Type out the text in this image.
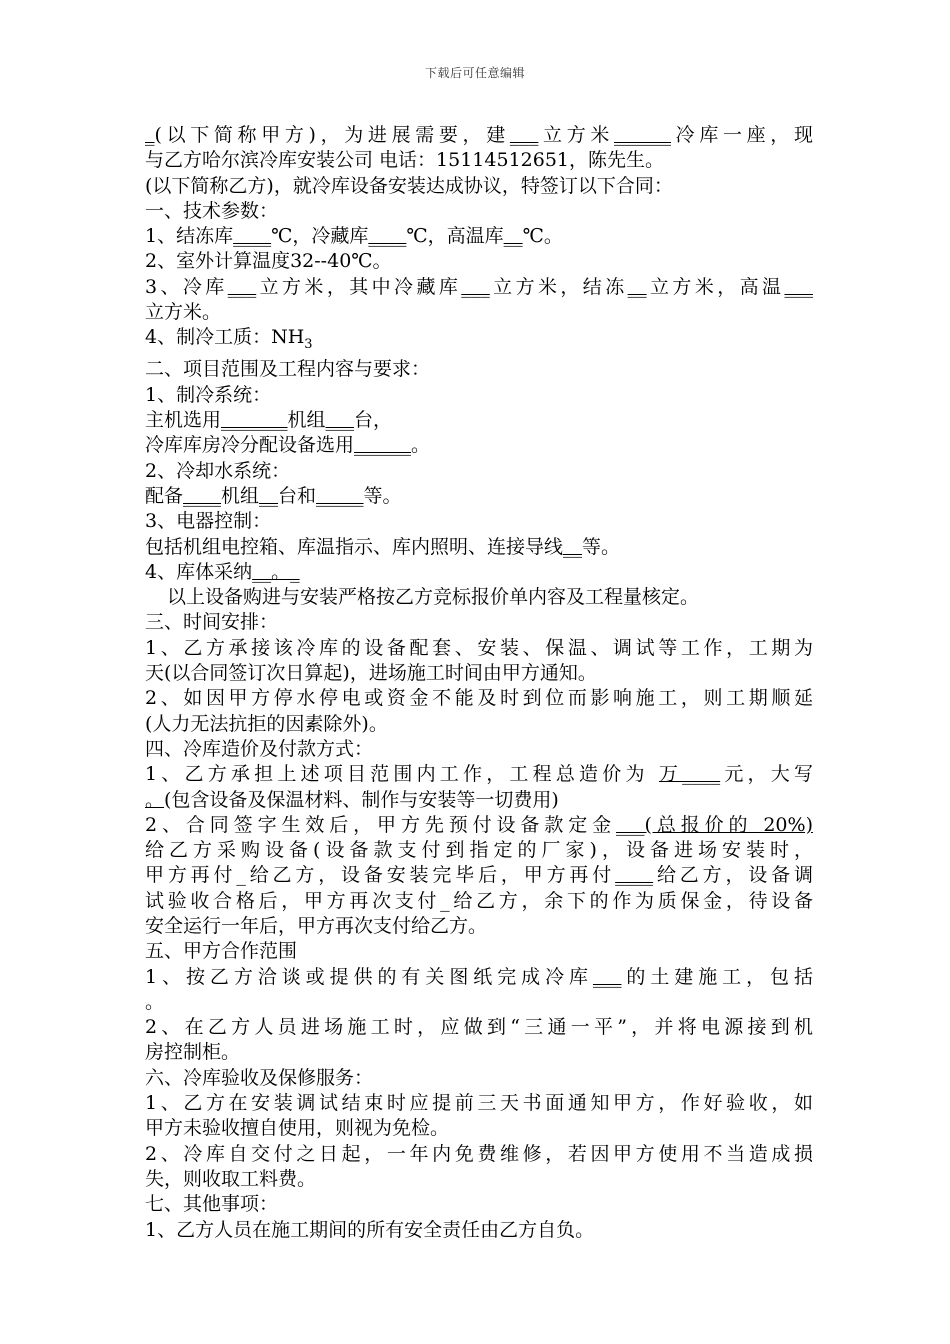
下载后可任意编辑

_(以下简称甲方)，为进展需要，建___立方米______冷库一座，现

与乙方哈尔滨冷库安装公司 电话：15114512651，陈先生。

(以下简称乙方)，就冷库设备安装达成协议，特签订以下合同：

一、技术参数：

1、结冻库____℃，冷藏库____℃，高温库__℃。

2、室外计算温度32--40℃。

3、冷库___立方米，其中冷藏库___立方米，结冻__立方米，高温___

立方米。

4、制冷工质：$NH_3$

二、项目范围及工程内容与要求：

1、制冷系统：

主机选用_______机组___台，

冷库库房冷分配设备选用______。

2、冷却水系统：

配备____机组__台和_____等。

3、电器控制：

包括机组电控箱、库温指示、库内照明、连接导线__等。

4、库体采纳__。_

以上设备购进与安装严格按乙方竞标报价单内容及工程量核定。

三、时间安排：

1、乙方承接该冷库的设备配套、安装、保温、调试等工作，工期为

天(以合同签订次日算起)，进场施工时间由甲方通知。

2、如因甲方停水停电或资金不能及时到位而影响施工，则工期顺延

(人力无法抗拒的因素除外)。

四、冷库造价及付款方式：

1、乙方承担上述项目范围内工作，工程总造价为 万____元，大写

。(包含设备及保温材料、制作与安装等一切费用)

2、合同签字生效后，甲方先预付设备款定金___(总报价的 20%)

给乙方采购设备(设备款支付到指定的厂家)，设备进场安装时，

甲方再付_给乙方，设备安装完毕后，甲方再付____给乙方，设备调

试验收合格后，甲方再次支付_给乙方，余下的作为质保金，待设备

安全运行一年后，甲方再次支付给乙方。

五、甲方合作范围

1、按乙方洽谈或提供的有关图纸完成冷库___的土建施工，包括

。

2、在乙方人员进场施工时，应做到“三通一平”，并将电源接到机

房控制柜。

六、冷库验收及保修服务：

1、乙方在安装调试结束时应提前三天书面通知甲方，作好验收，如

甲方未验收擅自使用，则视为免检。

2、冷库自交付之日起，一年内免费维修，若因甲方使用不当造成损

失，则收取工料费。

七、其他事项：

1、乙方人员在施工期间的所有安全责任由乙方自负。
